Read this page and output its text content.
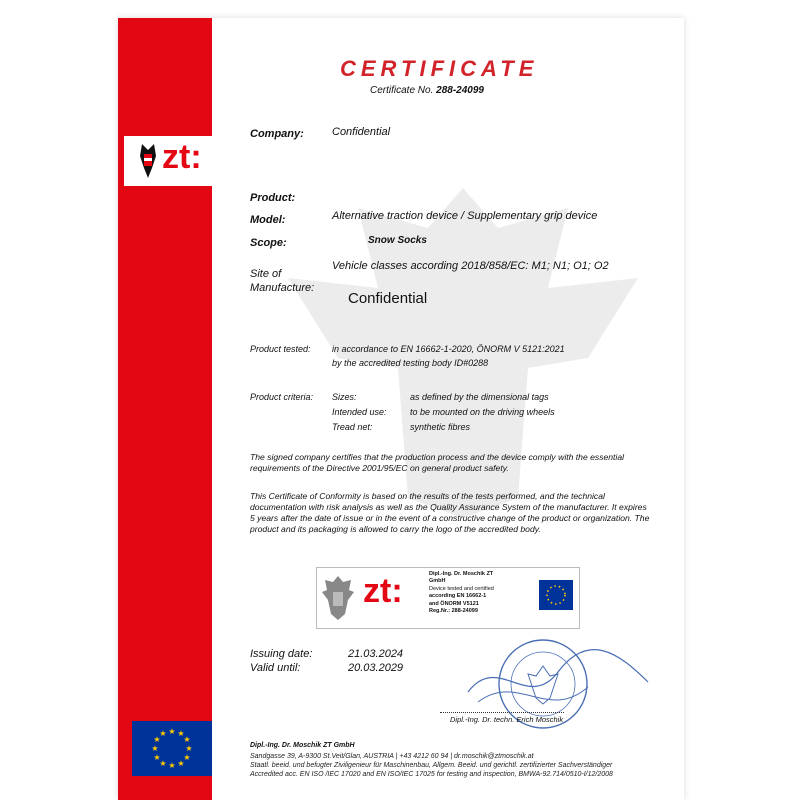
zt:
★ ★
★
★
★
★
★
★
★
★
★
★
CERTIFICATE
Certificate No. 288-24099
Company:	Confidential
Product:
Model:	Alternative traction device / Supplementary grip device
Scope:	Snow Socks
Vehicle classes according 2018/858/EC: M1; N1; O1; O2
Site of
Manufacture:
Confidential
Product tested: in accordance to EN 16662-1-2020, ÖNORM V 5121:2021
by the accredited testing body ID#0288
Product criteria: Sizes:	as defined by the dimensional tags
Intended use:	to be mounted on the driving wheels
Tread net:	synthetic fibres
The signed company certifies that the production process and the device comply with the essential requirements of the Directive 2001/95/EC on general product safety.
This Certificate of Conformity is based on the results of the tests performed, and the technical documentation with risk analysis as well as the Quality Assurance System of the manufacturer. It expires 5 years after the date of issue or in the event of a constructive change of the product or organization. The product and its packaging is allowed to carry the logo of the accredited body.
zt:	Dipl.-Ing. Dr. Moschik ZT GmbH
Device tested and certified
according EN 16662-1
and ÖNORM V5121
Reg.Nr.: 288-24099
Issuing date:	21.03.2024
Valid until:	20.03.2029
Dipl.-Ing. Dr. techn. Erich Moschik
Dipl.-Ing. Dr. Moschik ZT GmbH
Sandgasse 39, A-9300 St.Veit/Glan, AUSTRIA | +43 4212 60 94 | dr.moschik@ztmoschik.at
Staatl. beeid. und befugter Ziviligenieur für Maschinenbau, Allgem. Beeid. und gerichtl. zertifizierter Sachverständiger
Accredited acc. EN ISO /IEC 17020 and EN ISO/IEC 17025 for testing and inspection, BMWA-92.714/0510-I/12/2008
